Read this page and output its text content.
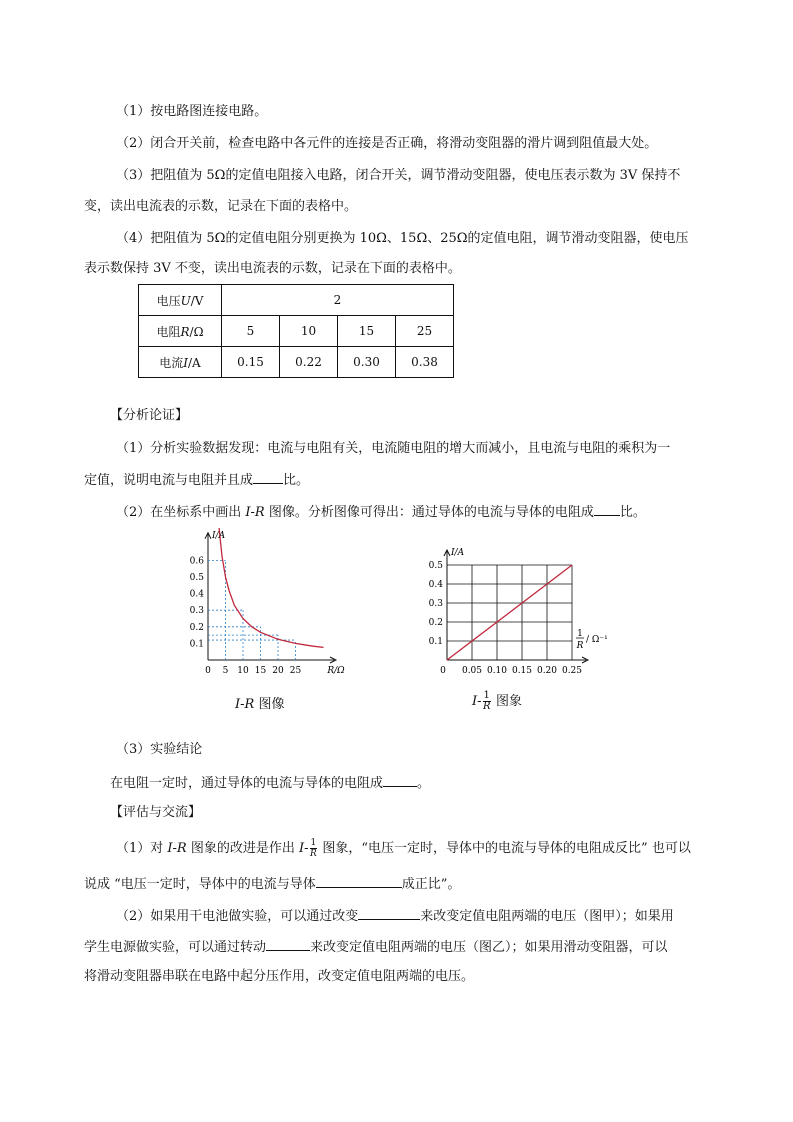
（1）按电路图连接电路。
（2）闭合开关前，检查电路中各元件的连接是否正确，将滑动变阻器的滑片调到阻值最大处。
（3）把阻值为 5Ω的定值电阻接入电路，闭合开关，调节滑动变阻器，使电压表示数为 3V 保持不
变，读出电流表的示数，记录在下面的表格中。
（4）把阻值为 5Ω的定值电阻分别更换为 10Ω、15Ω、25Ω的定值电阻，调节滑动变阻器，使电压
表示数保持 3V 不变，读出电流表的示数，记录在下面的表格中。
电压U/V	2			
电阻R/Ω	5	10	15	25
电流I/A	0.15	0.22	0.30	0.38
【分析论证】
（1）分析实验数据发现：电流与电阻有关，电流随电阻的增大而减小，且电流与电阻的乘积为一
定值，说明电流与电阻并且成 比。
（2）在坐标系中画出 I-R 图像。分析图像可得出：通过导体的电流与导体的电阻成 比。
0 5 10 15 20 25
0.1
0.2
0.3
0.4
0.5
0.6
I/A
R/Ω
I-R 图像
0 0.05 0.10 0.15 0.20 0.25
0.1
0.2
0.3
0.4
0.5
I/A
1
R
/ Ω⁻¹
$I- \frac{1}{R}$ 图象
（3）实验结论
在电阻一定时，通过导体的电流与导体的电阻成	。
【评估与交流】
（1）对 I-R 图象的改进是作出 $I- \frac{1}{R}$ 图象，“电压一定时，导体中的电流与导体的电阻成反比” 也可以
说成 “电压一定时，导体中的电流与导体	成正比”。
（2）如果用干电池做实验，可以通过改变	来改变定值电阻两端的电压（图甲）；如果用
学生电源做实验，可以通过转动	来改变定值电阻两端的电压（图乙）；如果用滑动变阻器，可以
将滑动变阻器串联在电路中起分压作用，改变定值电阻两端的电压。
